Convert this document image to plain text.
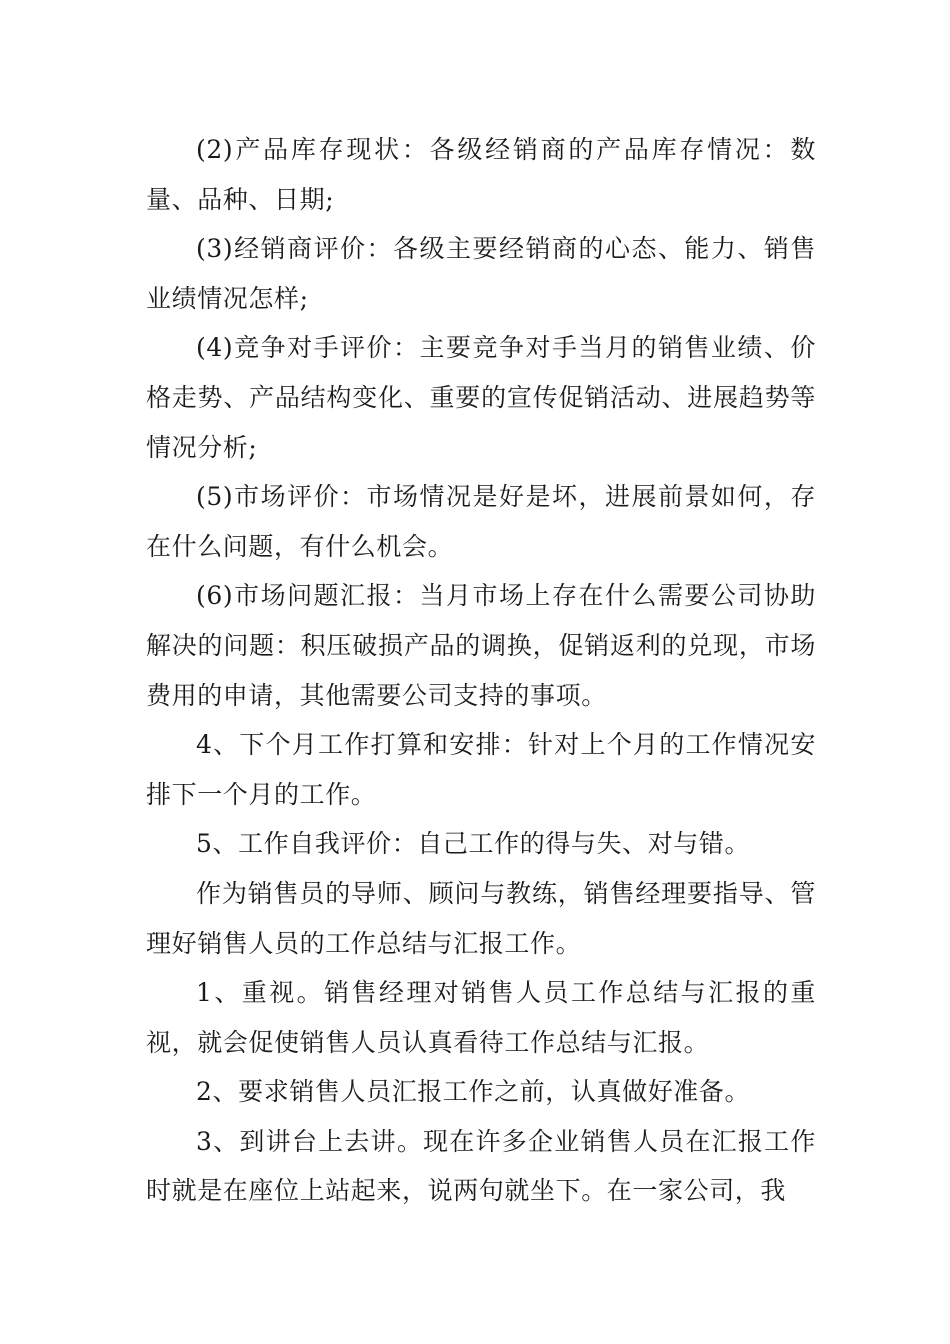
(2)产品库存现状：各级经销商的产品库存情况：数量、品种、日期;

(3)经销商评价：各级主要经销商的心态、能力、销售业绩情况怎样;

(4)竞争对手评价：主要竞争对手当月的销售业绩、价格走势、产品结构变化、重要的宣传促销活动、进展趋势等情况分析;

(5)市场评价：市场情况是好是坏，进展前景如何，存在什么问题，有什么机会。

(6)市场问题汇报：当月市场上存在什么需要公司协助解决的问题：积压破损产品的调换，促销返利的兑现，市场费用的申请，其他需要公司支持的事项。

4、下个月工作打算和安排：针对上个月的工作情况安排下一个月的工作。

5、工作自我评价：自己工作的得与失、对与错。

作为销售员的导师、顾问与教练，销售经理要指导、管理好销售人员的工作总结与汇报工作。

1、重视。销售经理对销售人员工作总结与汇报的重视，就会促使销售人员认真看待工作总结与汇报。

2、要求销售人员汇报工作之前，认真做好准备。

3、到讲台上去讲。现在许多企业销售人员在汇报工作时就是在座位上站起来，说两句就坐下。在一家公司，我
